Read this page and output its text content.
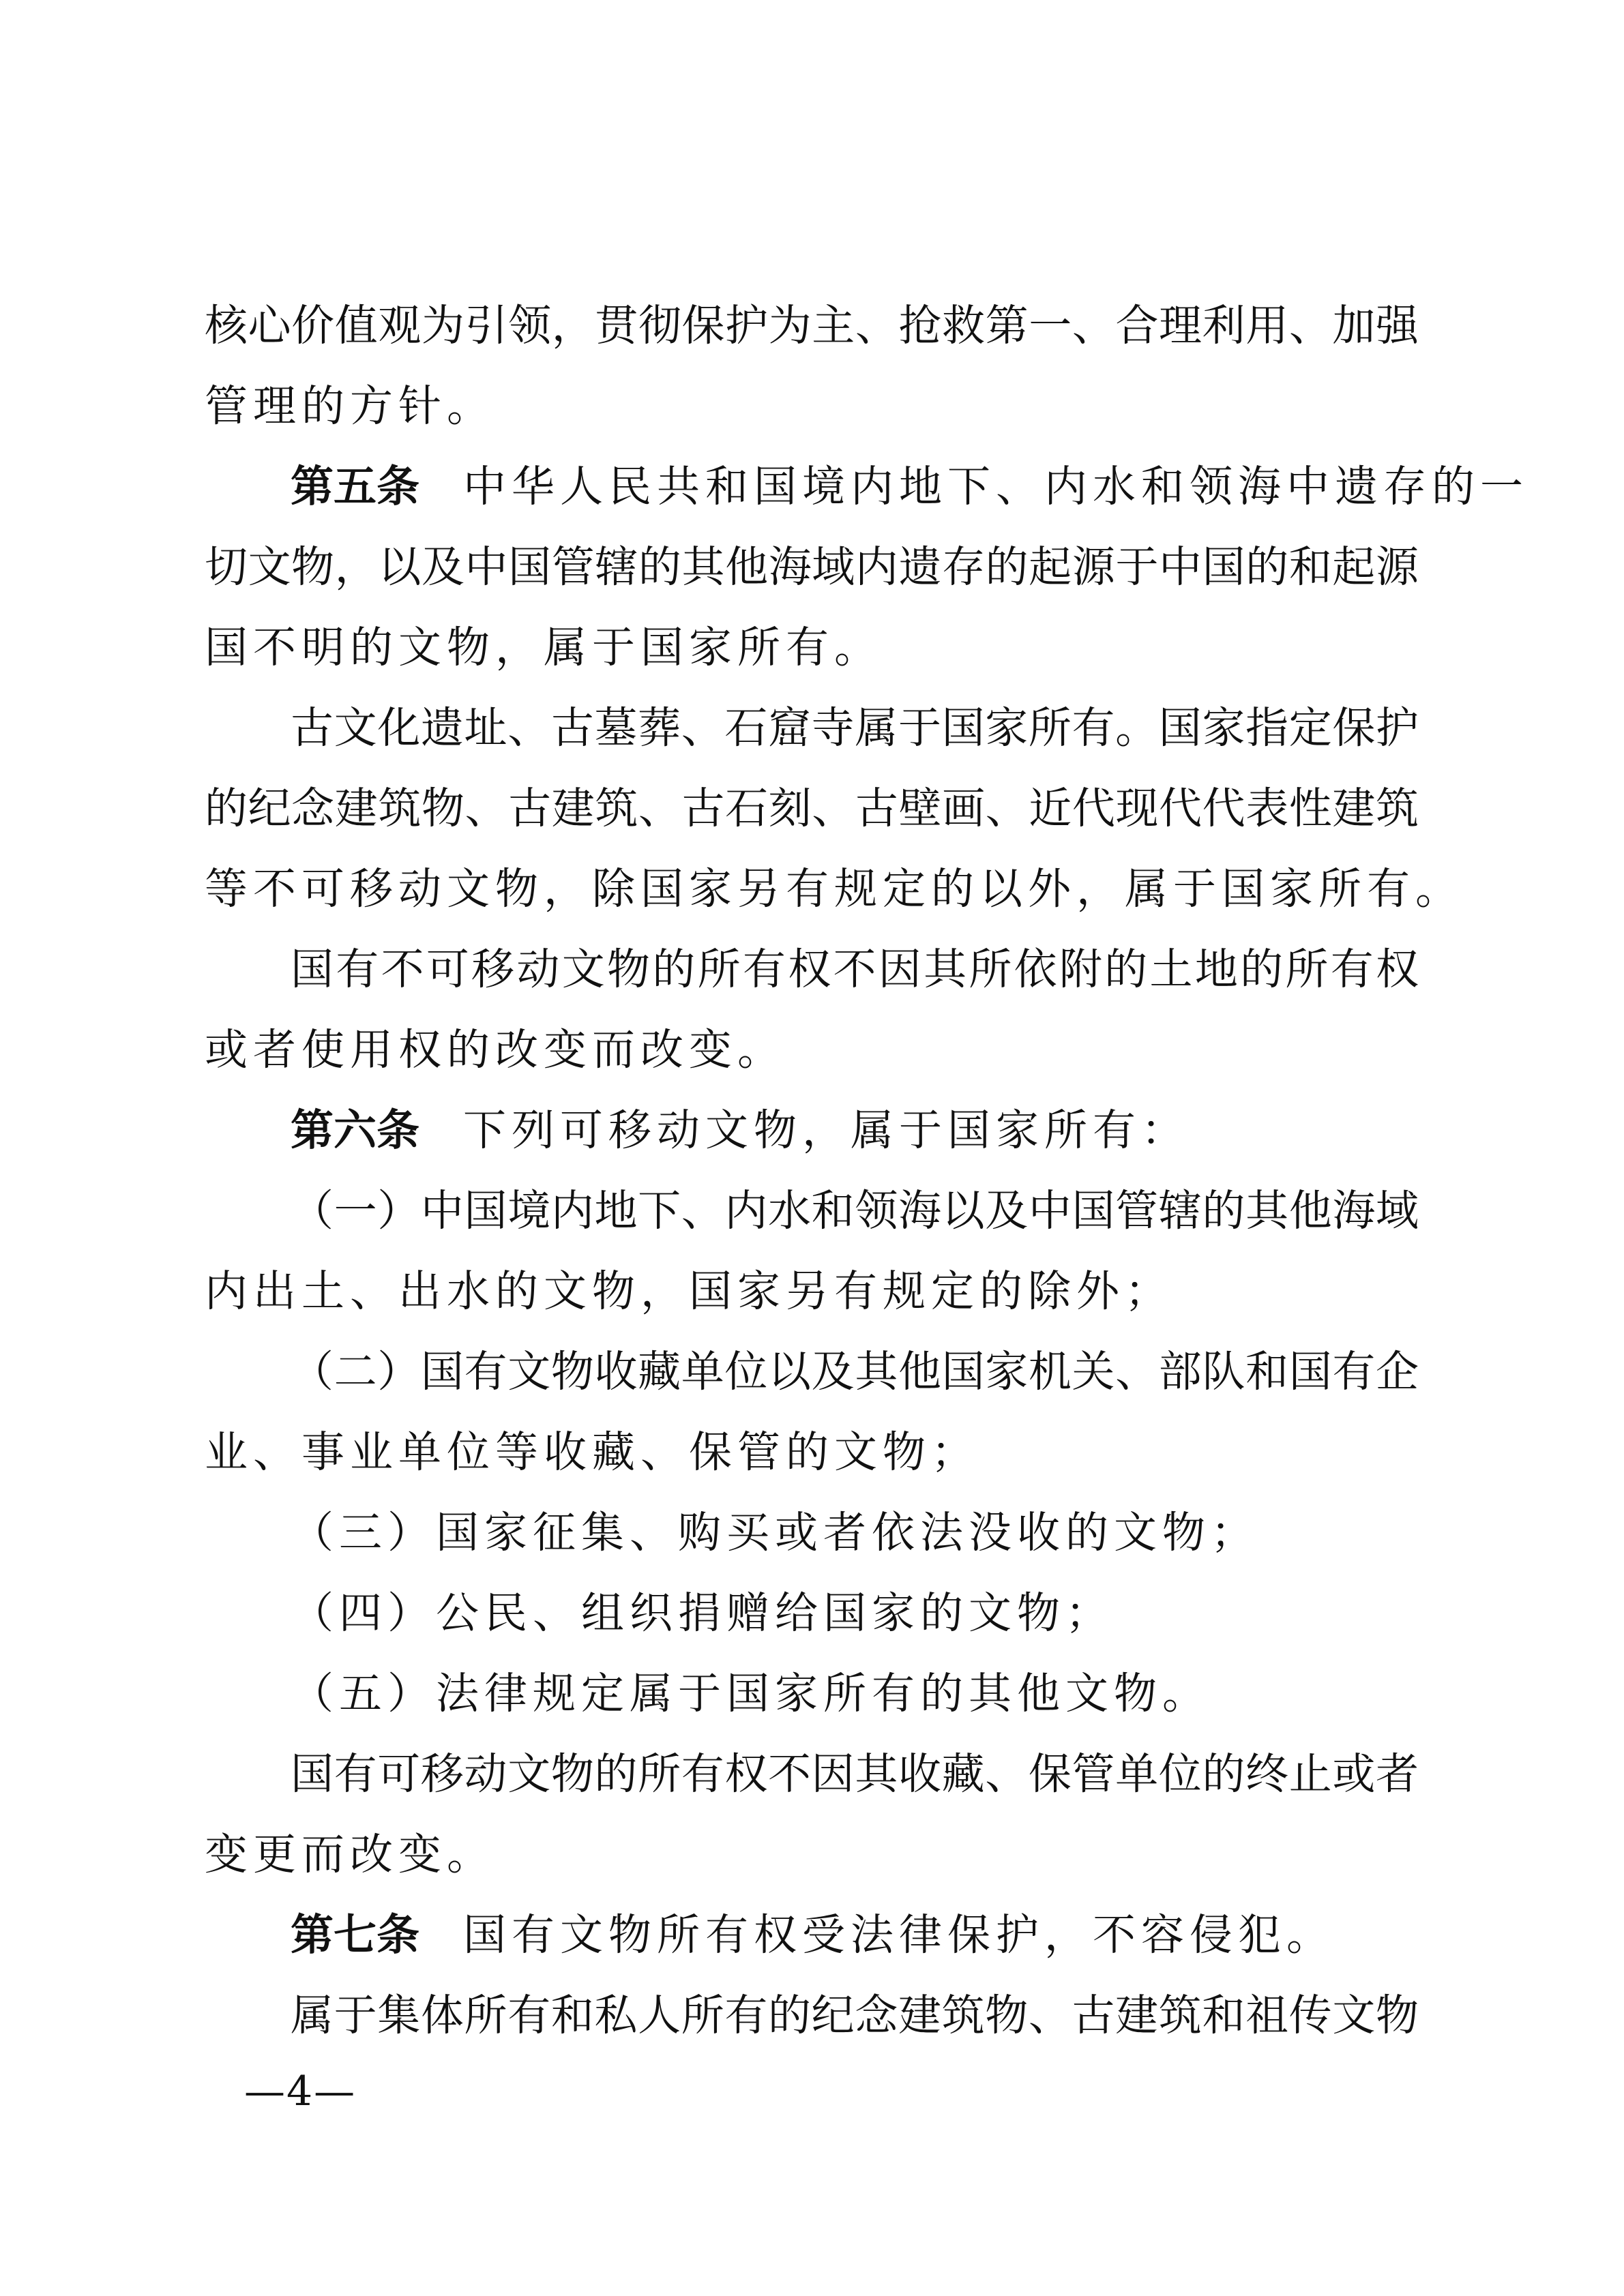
核心价值观为引领，贯彻保护为主、抢救第一、合理利用、加强
管理的方针。
第五条 中华人民共和国境内地下、内水和领海中遗存的一
切文物，以及中国管辖的其他海域内遗存的起源于中国的和起源
国不明的文物，属于国家所有。
古文化遗址、古墓葬、石窟寺属于国家所有。国家指定保护
的纪念建筑物、古建筑、古石刻、古壁画、近代现代代表性建筑
等不可移动文物，除国家另有规定的以外，属于国家所有。
国有不可移动文物的所有权不因其所依附的土地的所有权
或者使用权的改变而改变。
第六条 下列可移动文物，属于国家所有：
（一）中国境内地下、内水和领海以及中国管辖的其他海域
内出土、出水的文物，国家另有规定的除外；
（二）国有文物收藏单位以及其他国家机关、部队和国有企
业、事业单位等收藏、保管的文物；
（三）国家征集、购买或者依法没收的文物；
（四）公民、组织捐赠给国家的文物；
（五）法律规定属于国家所有的其他文物。
国有可移动文物的所有权不因其收藏、保管单位的终止或者
变更而改变。
第七条 国有文物所有权受法律保护，不容侵犯。
属于集体所有和私人所有的纪念建筑物、古建筑和祖传文物
—4—
